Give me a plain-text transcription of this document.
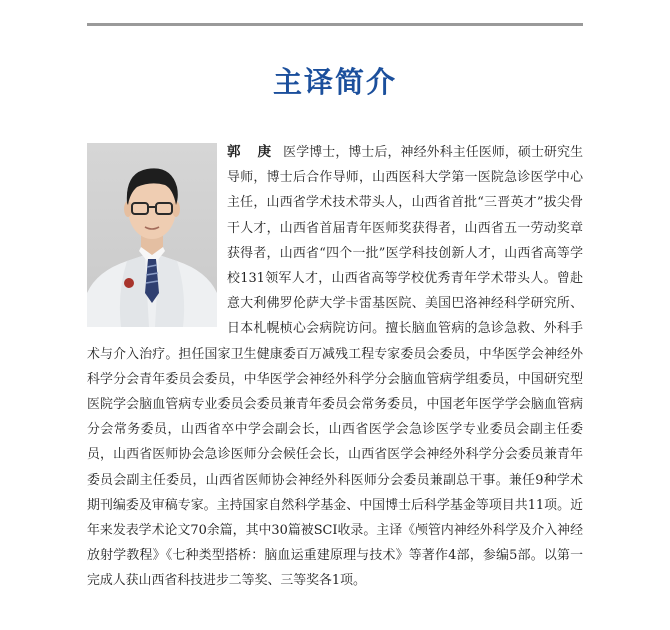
主译简介
郭 庚 医学博士，博士后，神经外科主任医师，硕士研究生导师，博士后合作导师，山西医科大学第一医院急诊医学中心主任，山西省学术技术带头人，山西省首批“三晋英才”拔尖骨干人才，山西省首届青年医师奖获得者，山西省五一劳动奖章获得者，山西省“四个一批”医学科技创新人才，山西省高等学校131领军人才，山西省高等学校优秀青年学术带头人。曾赴意大利佛罗伦萨大学卡雷基医院、美国巴洛神经科学研究所、日本札幌桢心会病院访问。擅长脑血管病的急诊急救、外科手术与介入治疗。担任国家卫生健康委百万减残工程专家委员会委员，中华医学会神经外科学分会青年委员会委员，中华医学会神经外科学分会脑血管病学组委员，中国研究型医院学会脑血管病专业委员会委员兼青年委员会常务委员，中国老年医学学会脑血管病分会常务委员，山西省卒中学会副会长，山西省医学会急诊医学专业委员会副主任委员，山西省医师协会急诊医师分会候任会长，山西省医学会神经外科学分会委员兼青年委员会副主任委员，山西省医师协会神经外科医师分会委员兼副总干事。兼任9种学术期刊编委及审稿专家。主持国家自然科学基金、中国博士后科学基金等项目共11项。近年来发表学术论文70余篇，其中30篇被SCI收录。主译《颅管内神经外科学及介入神经放射学教程》《七种类型搭桥：脑血运重建原理与技术》等著作4部，参编5部。以第一完成人获山西省科技进步二等奖、三等奖各1项。
